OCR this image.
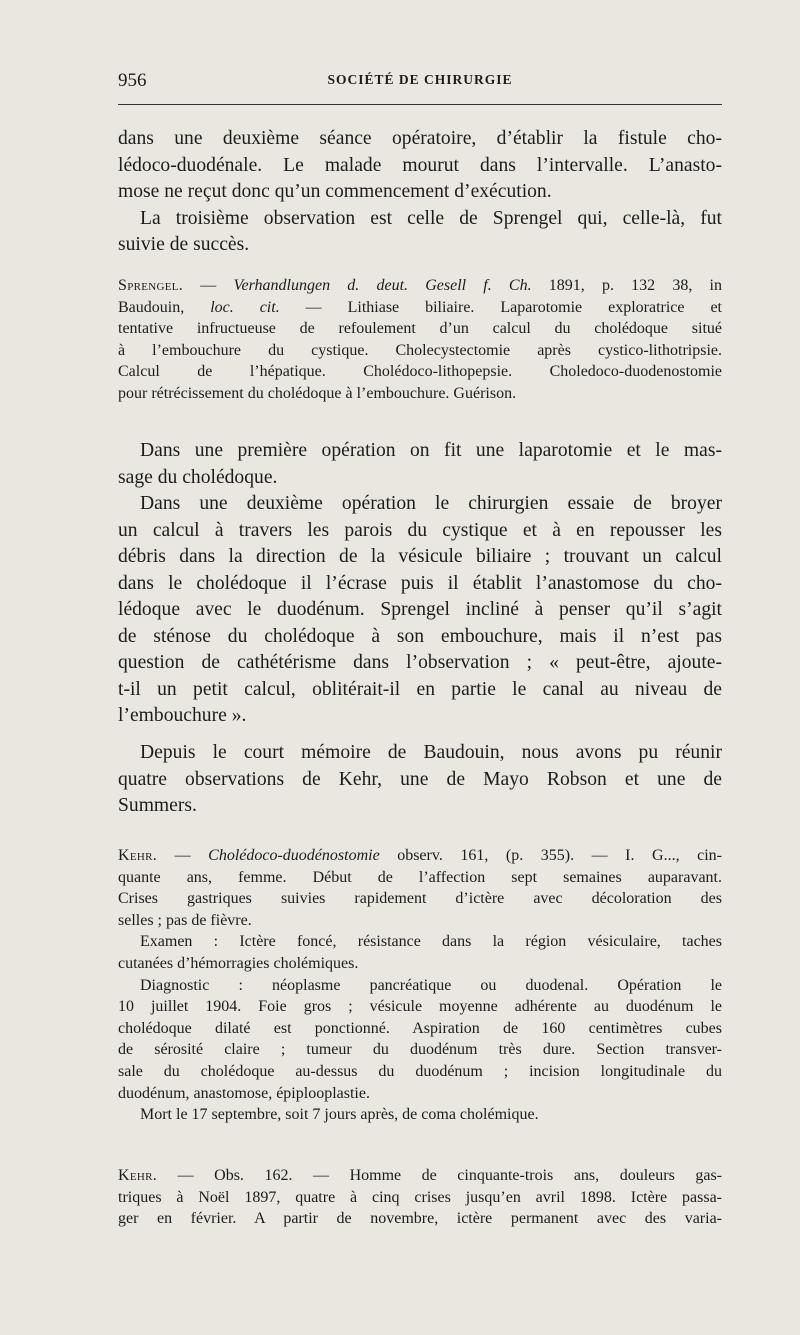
956	SOCIÉTÉ DE CHIRURGIE
dans une deuxième séance opératoire, d’établir la fistule cho-
lédoco-duodénale. Le malade mourut dans l’intervalle. L’anasto-
mose ne reçut donc qu’un commencement d’exécution.
La troisième observation est celle de Sprengel qui, celle-là, fut
suivie de succès.
Sprengel. — Verhandlungen d. deut. Gesell f. Ch. 1891, p. 132 38, in
Baudouin, loc. cit. — Lithiase biliaire. Laparotomie exploratrice et
tentative infructueuse de refoulement d’un calcul du cholédoque situé
à l’embouchure du cystique. Cholecystectomie après cystico-lithotripsie.
Calcul de l’hépatique. Cholédoco-lithopepsie. Choledoco-duodenostomie
pour rétrécissement du cholédoque à l’embouchure. Guérison.
Dans une première opération on fit une laparotomie et le mas-
sage du cholédoque.
Dans une deuxième opération le chirurgien essaie de broyer
un calcul à travers les parois du cystique et à en repousser les
débris dans la direction de la vésicule biliaire ; trouvant un calcul
dans le cholédoque il l’écrase puis il établit l’anastomose du cho-
lédoque avec le duodénum. Sprengel incliné à penser qu’il s’agit
de sténose du cholédoque à son embouchure, mais il n’est pas
question de cathétérisme dans l’observation ; « peut-être, ajoute-
t-il un petit calcul, oblitérait-il en partie le canal au niveau de
l’embouchure ».
Depuis le court mémoire de Baudouin, nous avons pu réunir
quatre observations de Kehr, une de Mayo Robson et une de
Summers.
Kehr. — Cholédoco-duodénostomie observ. 161, (p. 355). — I. G..., cin-
quante ans, femme. Début de l’affection sept semaines auparavant.
Crises gastriques suivies rapidement d’ictère avec décoloration des
selles ; pas de fièvre.
Examen : Ictère foncé, résistance dans la région vésiculaire, taches
cutanées d’hémorragies cholémiques.
Diagnostic : néoplasme pancréatique ou duodenal. Opération le
10 juillet 1904. Foie gros ; vésicule moyenne adhérente au duodénum le
cholédoque dilaté est ponctionné. Aspiration de 160 centimètres cubes
de sérosité claire ; tumeur du duodénum très dure. Section transver-
sale du cholédoque au-dessus du duodénum ; incision longitudinale du
duodénum, anastomose, épiplooplastie.
Mort le 17 septembre, soit 7 jours après, de coma cholémique.
Kehr. — Obs. 162. — Homme de cinquante-trois ans, douleurs gas-
triques à Noël 1897, quatre à cinq crises jusqu’en avril 1898. Ictère passa-
ger en février. A partir de novembre, ictère permanent avec des varia-
